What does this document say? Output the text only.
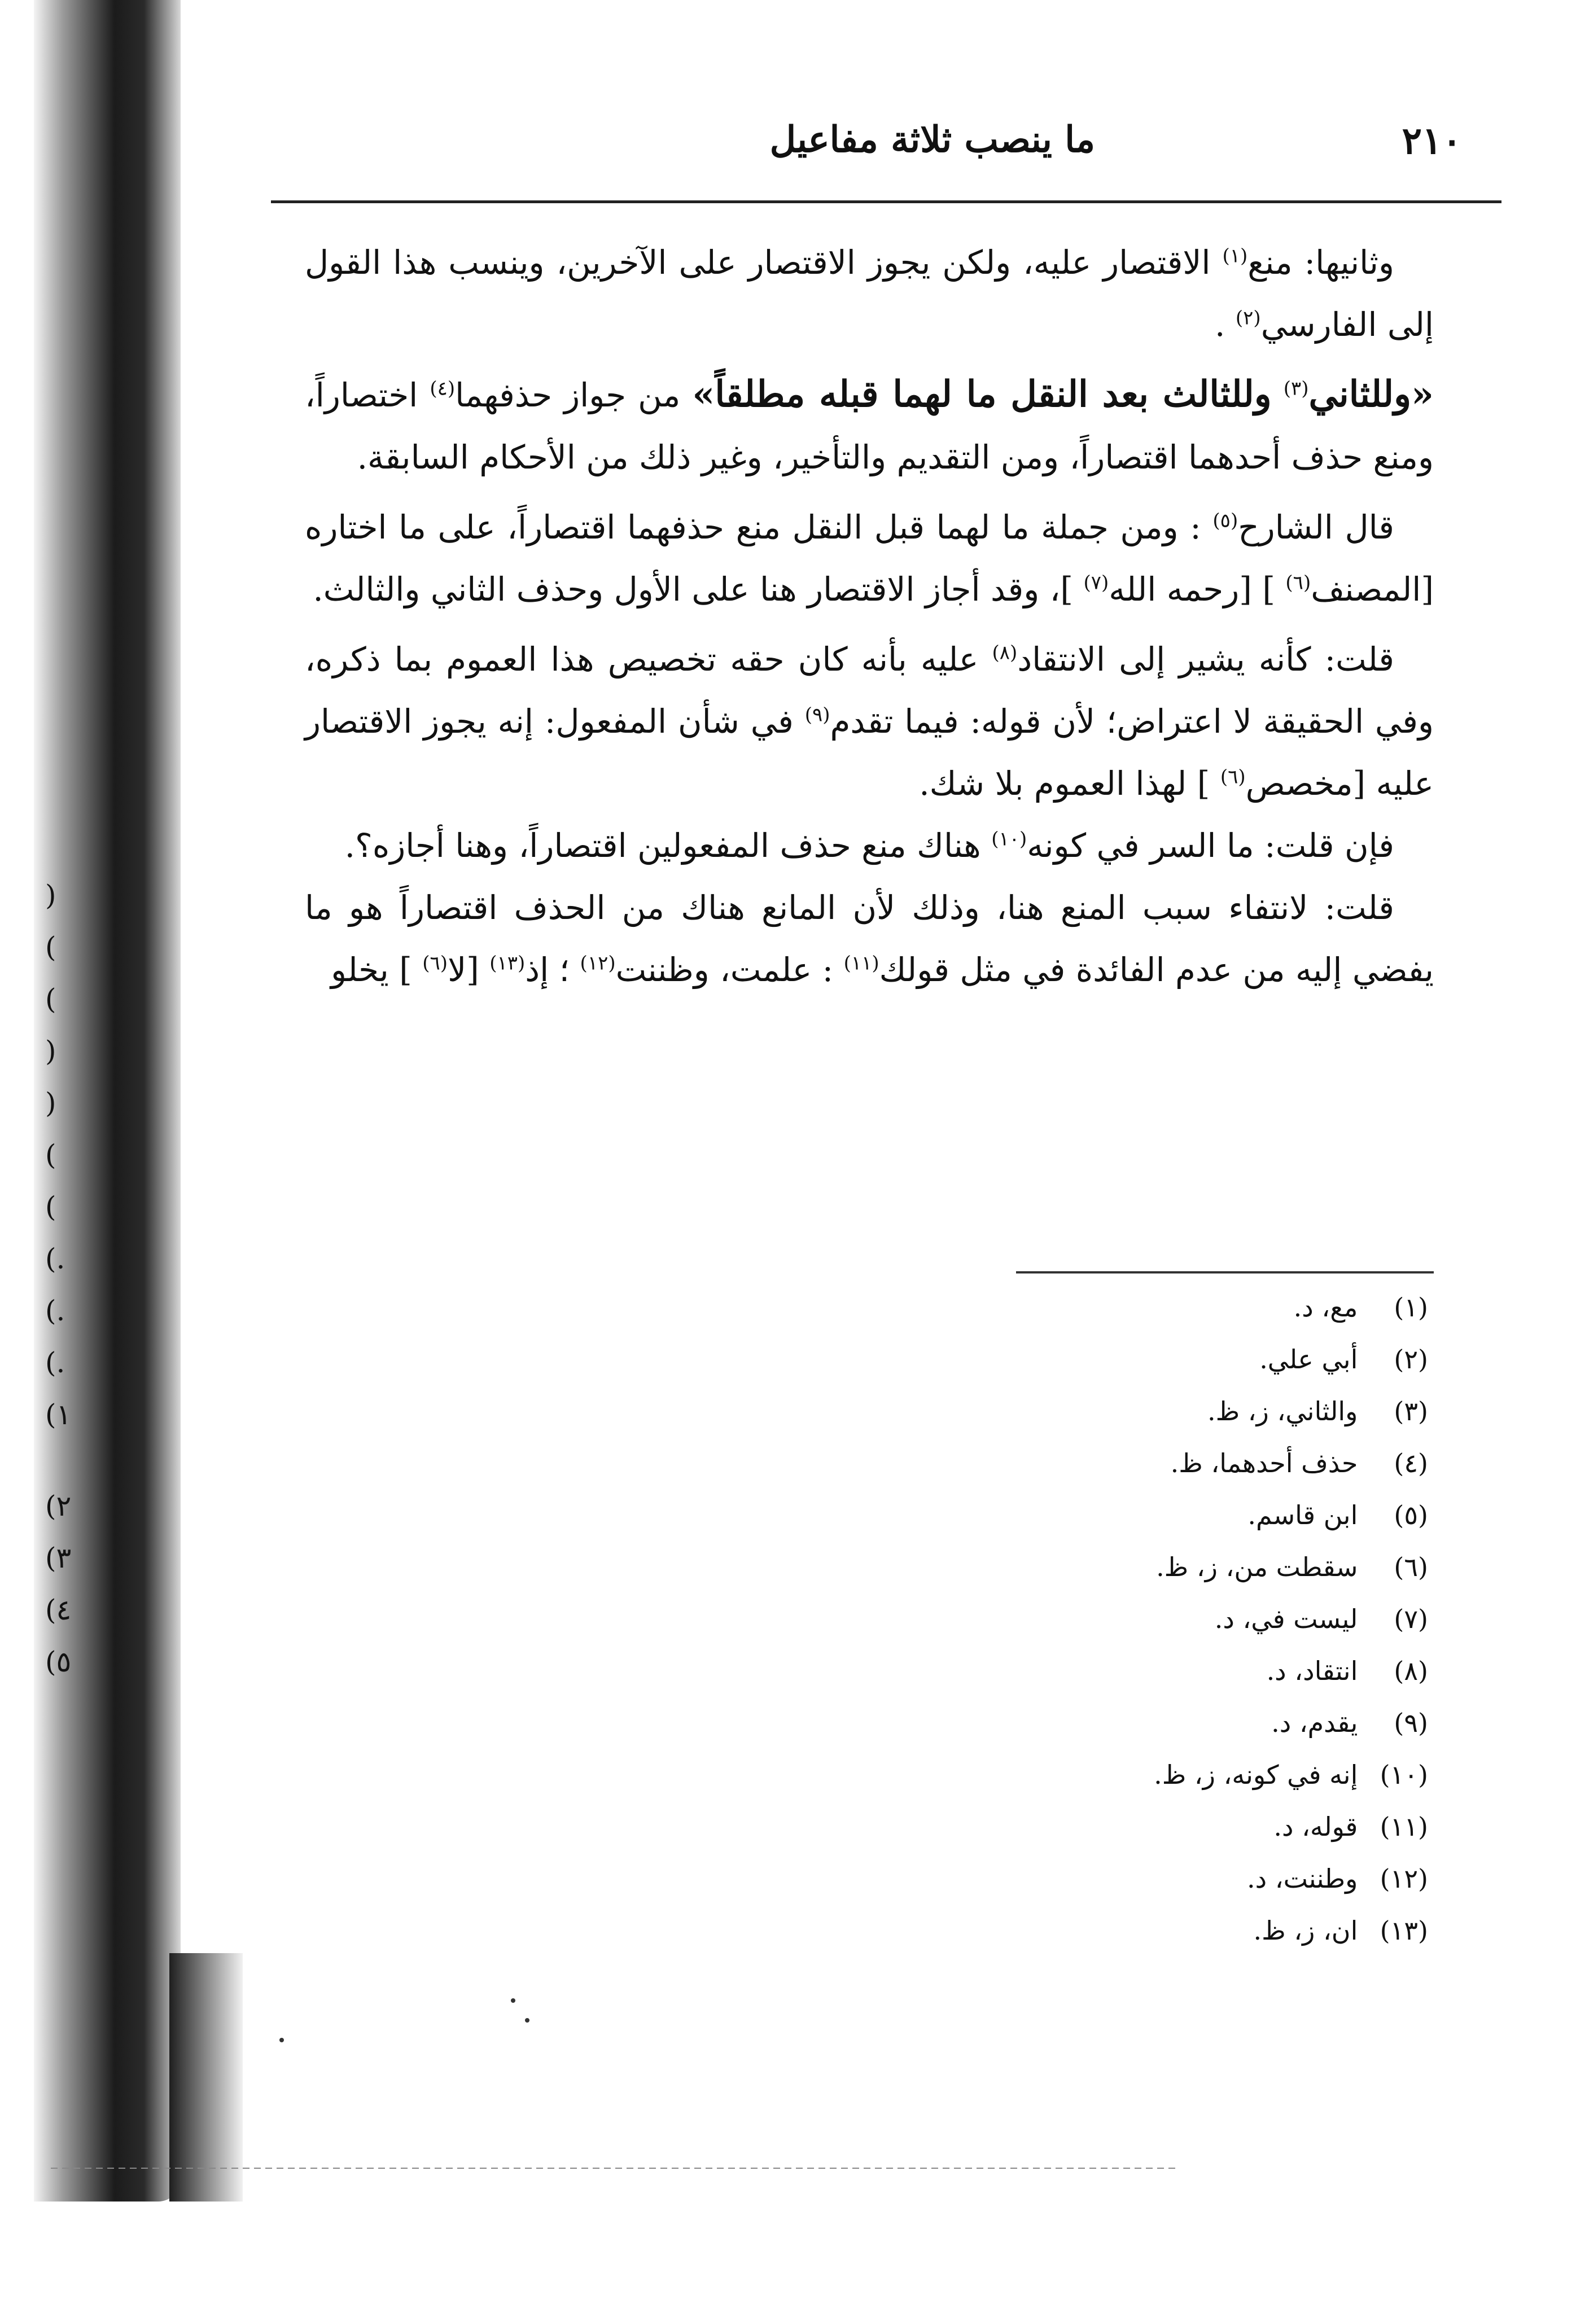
٢١٠
ما ينصب ثلاثة مفاعيل

وثانيها: منع$^{(١)}$ الاقتصار عليه، ولكن يجوز الاقتصار على الآخرين، وينسب هذا القول إلى الفارسي$^{(٢)}$ .

«وللثاني$^{(٣)}$ وللثالث بعد النقل ما لهما قبله مطلقاً» من جواز حذفهما$^{(٤)}$ اختصاراً، ومنع حذف أحدهما اقتصاراً، ومن التقديم والتأخير، وغير ذلك من الأحكام السابقة.

قال الشارح$^{(٥)}$ : ومن جملة ما لهما قبل النقل منع حذفهما اقتصاراً، على ما اختاره [المصنف$^{(٦)}$ ] [رحمه الله$^{(٧)}$ ]، وقد أجاز الاقتصار هنا على الأول وحذف الثاني والثالث.

قلت: كأنه يشير إلى الانتقاد$^{(٨)}$ عليه بأنه كان حقه تخصيص هذا العموم بما ذكره، وفي الحقيقة لا اعتراض؛ لأن قوله: فيما تقدم$^{(٩)}$ في شأن المفعول: إنه يجوز الاقتصار عليه [مخصص$^{(٦)}$ ] لهذا العموم بلا شك.

فإن قلت: ما السر في كونه$^{(١٠)}$ هناك منع حذف المفعولين اقتصاراً، وهنا أجازه؟.

قلت: لانتفاء سبب المنع هنا، وذلك لأن المانع هناك من الحذف اقتصاراً هو ما يفضي إليه من عدم الفائدة في مثل قولك$^{(١١)}$ : علمت، وظننت$^{(١٢)}$ ؛ إذ$^{(١٣)}$ [لا$^{(٦)}$ ] يخلو

(١) مع، د.
(٢) أبي علي.
(٣) والثاني، ز، ظ.
(٤) حذف أحدهما، ظ.
(٥) ابن قاسم.
(٦) سقطت من، ز، ظ.
(٧) ليست في، د.
(٨) انتقاد، د.
(٩) يقدم، د.
(١٠) إنه في كونه، ز، ظ.
(١١) قوله، د.
(١٢) وطننت، د.
(١٣) ان، ز، ظ.
(
)
)
(
(
)
)
.)
.)
.)
١)
٢)
٣)
٤)
٥)
